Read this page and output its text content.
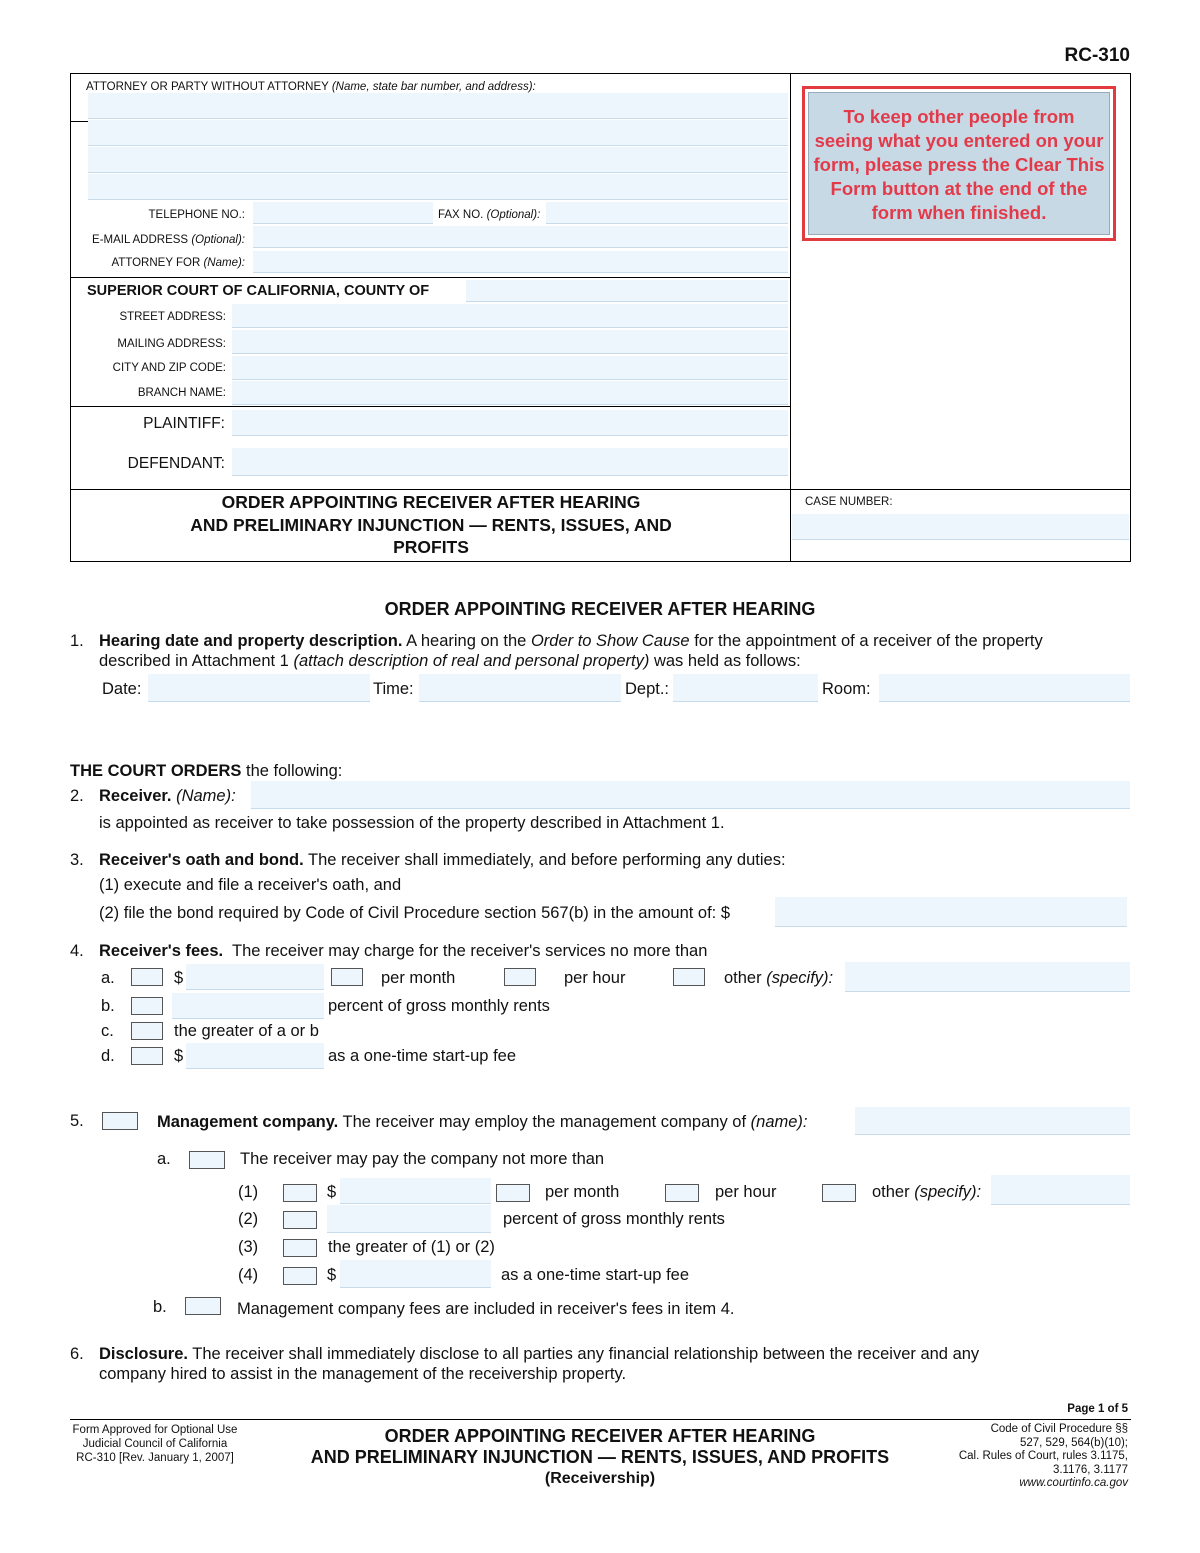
RC-310
ATTORNEY OR PARTY WITHOUT ATTORNEY (Name, state bar number, and address):
TELEPHONE NO.:	FAX NO. (Optional):
E-MAIL ADDRESS (Optional):
ATTORNEY FOR (Name):
To keep other people from seeing what you entered on your form, please press the Clear This Form button at the end of the form when finished.
SUPERIOR COURT OF CALIFORNIA, COUNTY OF
STREET ADDRESS:
MAILING ADDRESS:
CITY AND ZIP CODE:
BRANCH NAME:
PLAINTIFF:
DEFENDANT:
ORDER APPOINTING RECEIVER AFTER HEARING
AND PRELIMINARY INJUNCTION — RENTS, ISSUES, AND
PROFITS
CASE NUMBER:
ORDER APPOINTING RECEIVER AFTER HEARING
1. Hearing date and property description. A hearing on the Order to Show Cause for the appointment of a receiver of the property
described in Attachment 1 (attach description of real and personal property) was held as follows:
Date:	Time:	Dept.:	Room:
THE COURT ORDERS the following:
2. Receiver. (Name):
is appointed as receiver to take possession of the property described in Attachment 1.
3. Receiver's oath and bond. The receiver shall immediately, and before performing any duties:
(1) execute and file a receiver's oath, and
(2) file the bond required by Code of Civil Procedure section 567(b) in the amount of: $
4. Receiver's fees. The receiver may charge for the receiver's services no more than
a.	$	per month	per hour	other (specify):
b.	percent of gross monthly rents
c.	the greater of a or b
d.	$	as a one-time start-up fee
5.	Management company. The receiver may employ the management company of (name):
a.	The receiver may pay the company not more than
(1)	$	per month	per hour	other (specify):
(2)	percent of gross monthly rents
(3)	the greater of (1) or (2)
(4)	$	as a one-time start-up fee
b.	Management company fees are included in receiver's fees in item 4.
6. Disclosure. The receiver shall immediately disclose to all parties any financial relationship between the receiver and any
company hired to assist in the management of the receivership property.
Page 1 of 5
Form Approved for Optional Use
Judicial Council of California
RC-310 [Rev. January 1, 2007]
ORDER APPOINTING RECEIVER AFTER HEARING
AND PRELIMINARY INJUNCTION — RENTS, ISSUES, AND PROFITS
(Receivership)
Code of Civil Procedure §§
527, 529, 564(b)(10);
Cal. Rules of Court, rules 3.1175,
3.1176, 3.1177
www.courtinfo.ca.gov
